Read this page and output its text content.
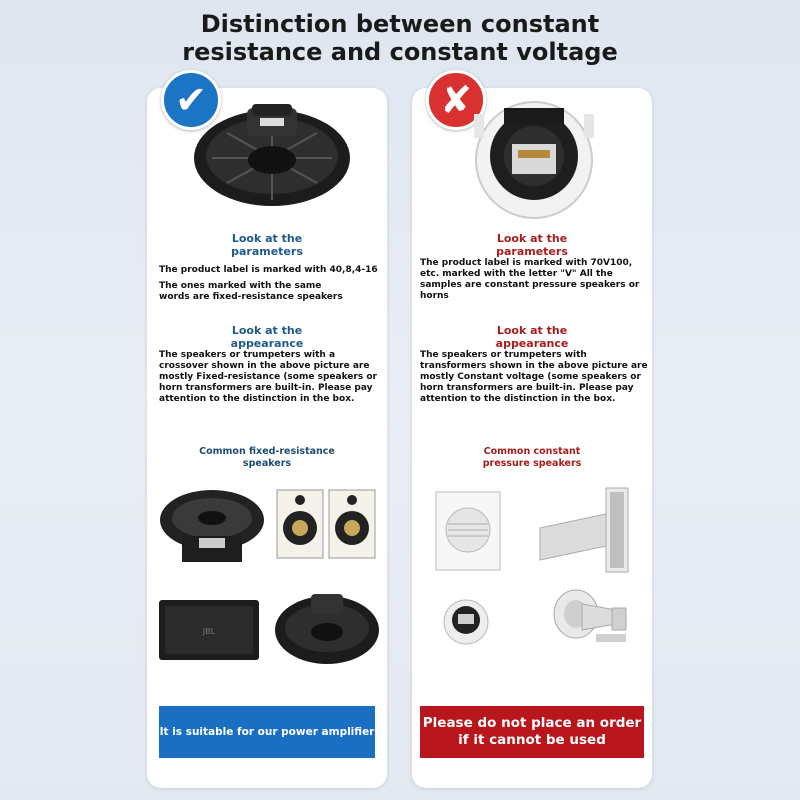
Distinction between constant
resistance and constant voltage
✔
Look at the
parameters
The product label is marked with 40,8,4-16
The ones marked with the same words are fixed-resistance speakers
Look at the
appearance
The speakers or trumpeters with a crossover shown in the above picture are mostly Fixed-resistance (some speakers or horn transformers are built-in. Please pay attention to the distinction in the box.
Common fixed-resistance
speakers
JBL
It is suitable for our power amplifier
✘
Look at the
parameters
The product label is marked with 70V100, etc. marked with the letter "V" All the samples are constant pressure speakers or horns
Look at the
appearance
The speakers or trumpeters with transformers shown in the above picture are mostly Constant voltage (some speakers or horn transformers are built-in. Please pay attention to the distinction in the box.
Common constant
pressure speakers
Please do not place an order
if it cannot be used
